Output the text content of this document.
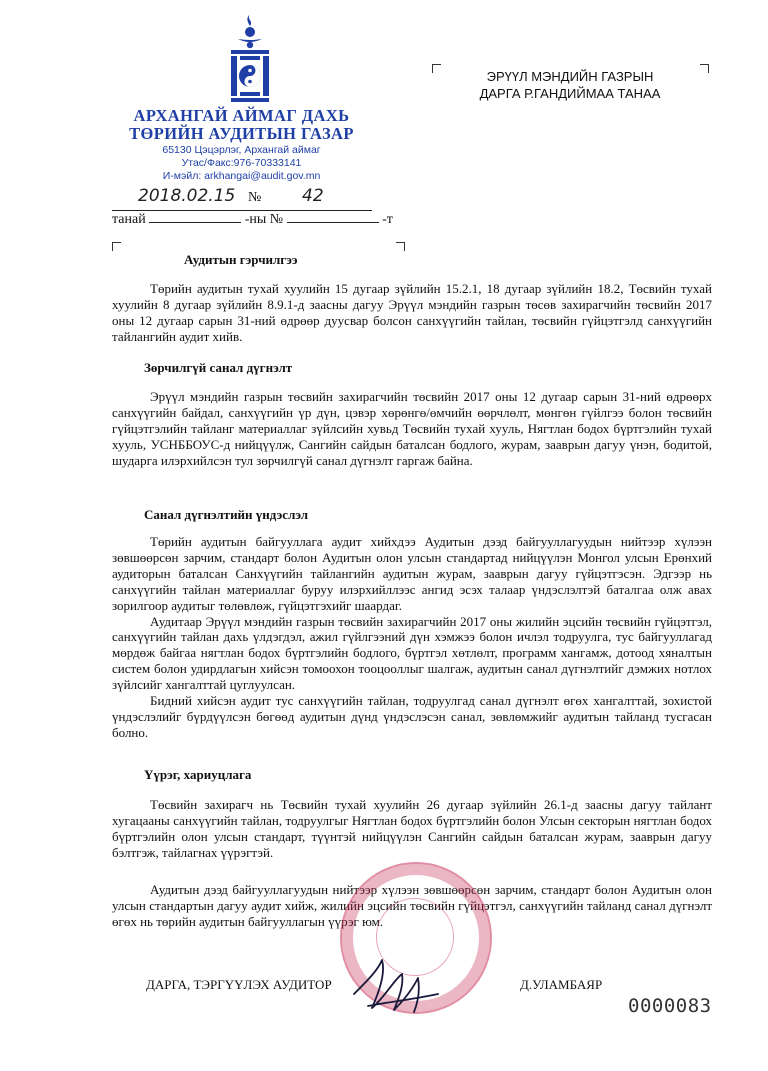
АРХАНГАЙ АЙМАГ ДАХЬ
ТӨРИЙН АУДИТЫН ГАЗАР
65130 Цэцэрлэг, Архангай аймаг
Утас/Факс:976-70333141
И-мэйл: arkhangai@audit.gov.mn
ЭРҮҮЛ МЭНДИЙН ГАЗРЫН
ДАРГА Р.ГАНДИЙМАА ТАНАА
2018.02.15 № 42
танай	-ны №	-т
Аудитын гэрчилгээ

Төрийн аудитын тухай хуулийн 15 дугаар зүйлийн 15.2.1, 18 дугаар зүйлийн 18.2, Төсвийн тухай хуулийн 8 дугаар зүйлийн 8.9.1-д заасны дагуу Эрүүл мэндийн газрын төсөв захирагчийн төсвийн 2017 оны 12 дугаар сарын 31-ний өдрөөр дуусвар болсон санхүүгийн тайлан, төсвийн гүйцэтгэлд санхүүгийн тайлангийн аудит хийв.

Зөрчилгүй санал дүгнэлт

Эрүүл мэндийн газрын төсвийн захирагчийн төсвийн 2017 оны 12 дугаар сарын 31-ний өдрөөрх санхүүгийн байдал, санхүүгийн үр дүн, цэвэр хөрөнгө/өмчийн өөрчлөлт, мөнгөн гүйлгээ болон төсвийн гүйцэтгэлийн тайланг материаллаг зүйлсийн хувьд Төсвийн тухай хууль, Нягтлан бодох бүртгэлийн тухай хууль, УСНББОУС-д нийцүүлж, Сангийн сайдын баталсан бодлого, журам, зааврын дагуу үнэн, бодитой, шударга илэрхийлсэн тул зөрчилгүй санал дүгнэлт гаргаж байна.

Санал дүгнэлтийн үндэслэл

Төрийн аудитын байгууллага аудит хийхдээ Аудитын дээд байгууллагуудын нийтээр хүлээн зөвшөөрсөн зарчим, стандарт болон Аудитын олон улсын стандартад нийцүүлэн Монгол улсын Ерөнхий аудиторын баталсан Санхүүгийн тайлангийн аудитын журам, зааврын дагуу гүйцэтгэсэн. Эдгээр нь санхүүгийн тайлан материаллаг буруу илэрхийллээс ангид эсэх талаар үндэслэлтэй баталгаа олж авах зорилгоор аудитыг төлөвлөж, гүйцэтгэхийг шаардаг.

Аудитаар Эрүүл мэндийн газрын төсвийн захирагчийн 2017 оны жилийн эцсийн төсвийн гүйцэтгэл, санхүүгийн тайлан дахь үлдэгдэл, ажил гүйлгээний дүн хэмжээ болон ичлэл тодруулга, тус байгууллагад мөрдөж байгаа нягтлан бодох бүртгэлийн бодлого, бүртгэл хөтлөлт, программ хангамж, дотоод хяналтын систем болон удирдлагын хийсэн томоохон тооцооллыг шалгаж, аудитын санал дүгнэлтийг дэмжих нотлох зүйлсийг хангалттай цуглуулсан.

Бидний хийсэн аудит тус санхүүгийн тайлан, тодруулгад санал дүгнэлт өгөх хангалттай, зохистой үндэслэлийг бүрдүүлсэн бөгөөд аудитын дүнд үндэслэсэн санал, зөвлөмжийг аудитын тайланд тусгасан болно.

Үүрэг, хариуцлага

Төсвийн захирагч нь Төсвийн тухай хуулийн 26 дугаар зүйлийн 26.1-д заасны дагуу тайлант хугацааны санхүүгийн тайлан, тодруулгыг Нягтлан бодох бүртгэлийн болон Улсын секторын нягтлан бодох бүртгэлийн олон улсын стандарт, түүнтэй нийцүүлэн Сангийн сайдын баталсан журам, зааврын дагуу бэлтгэж, тайлагнах үүрэгтэй.

Аудитын дээд байгууллагуудын нийтээр хүлээн зөвшөөрсөн зарчим, стандарт болон Аудитын олон улсын стандартын дагуу аудит хийж, жилийн эцсийн төсвийн гүйцэтгэл, санхүүгийн тайланд санал дүгнэлт өгөх нь төрийн аудитын байгууллагын үүрэг юм.

ДАРГА, ТЭРГҮҮЛЭХ АУДИТОР	Д.УЛАМБАЯР
0000083
